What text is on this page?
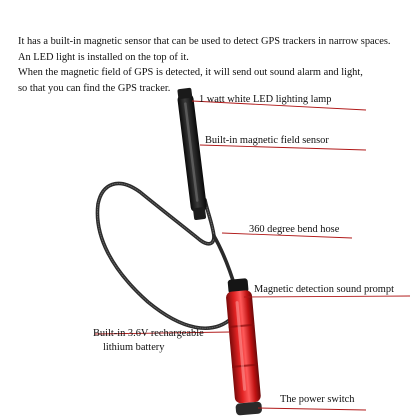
It has a built-in magnetic sensor that can be used to detect GPS trackers in narrow spaces.

An LED light is installed on the top of it.

When the magnetic field of GPS is detected, it will send out sound alarm and light,

so that you can find the GPS tracker.

1 watt white LED lighting lamp
Built-in magnetic field sensor
360 degree bend hose
Magnetic detection sound prompt
Built-in 3.6V rechargeable
lithium battery
The power switch
